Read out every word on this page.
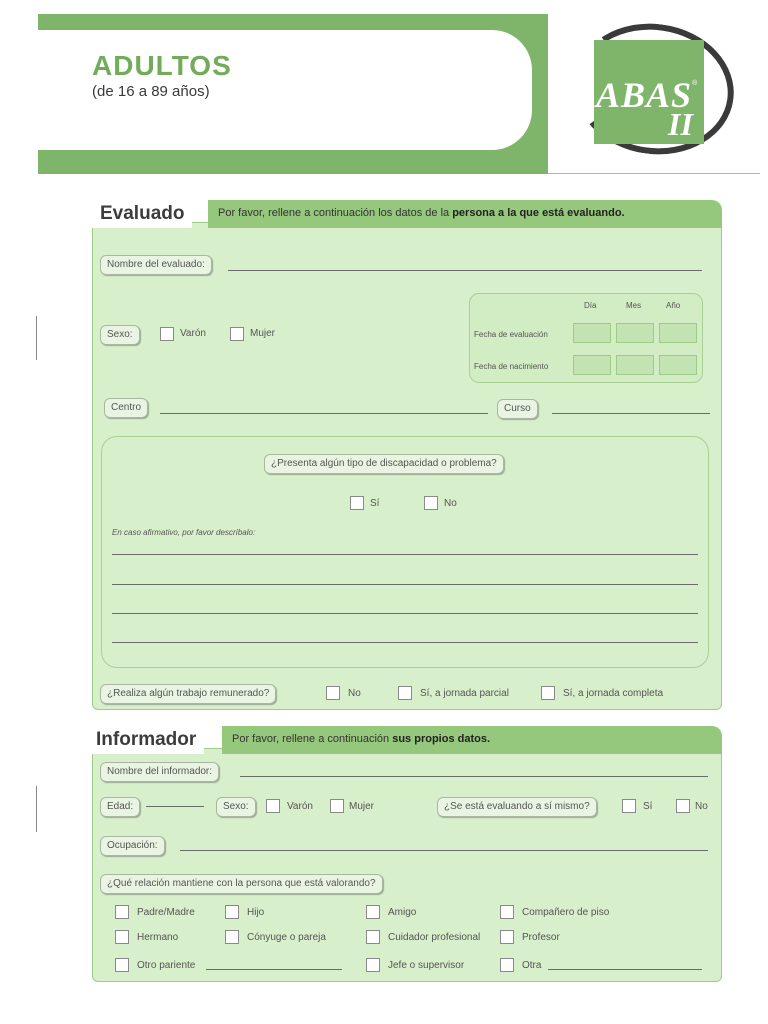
ADULTOS
(de 16 a 89 años)	ABAS
II
®
Evaluado	Por favor, rellene a continuación los datos de la persona a la que está evaluando.
Nombre del evaluado:
Día	Mes	Año
Fecha de evaluación
Fecha de nacimiento
Sexo:	Varón	Mujer
Centro	Curso
¿Presenta algún tipo de discapacidad o problema?
Sí	No
En caso afirmativo, por favor descríbalo:
¿Realiza algún trabajo remunerado?	No	Sí, a jornada parcial	Sí, a jornada completa
Informador	Por favor, rellene a continuación sus propios datos.
Nombre del informador:
Edad:	Sexo:	Varón	Mujer	¿Se está evaluando a sí mismo?	Sí	No
Ocupación:
¿Qué relación mantiene con la persona que está valorando?
Padre/Madre	Hijo	Amigo	Compañero de piso
Hermano	Cónyuge o pareja	Cuidador profesional	Profesor
Otro pariente	Jefe o supervisor	Otra
